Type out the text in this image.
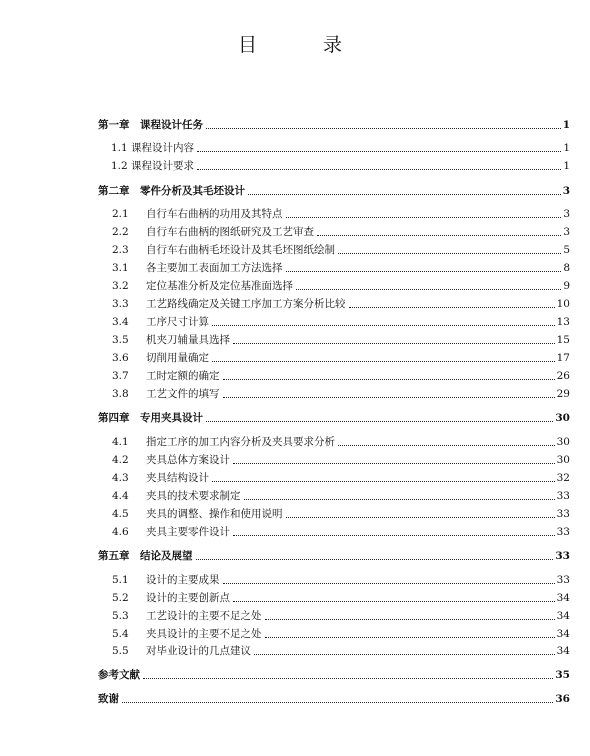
目 录
第一章	课程设计任务	1
1.1 课程设计内容	1
1.2 课程设计要求	1
第二章	零件分析及其毛坯设计	3
2.1	自行车右曲柄的功用及其特点	3
2.2	自行车右曲柄的图纸研究及工艺审查	3
2.3	自行车右曲柄毛坯设计及其毛坯图纸绘制	5
3.1	各主要加工表面加工方法选择	8
3.2	定位基准分析及定位基准面选择	9
3.3	工艺路线确定及关键工序加工方案分析比较	10
3.4	工序尺寸计算	13
3.5	机夹刀辅量具选择	15
3.6	切削用量确定	17
3.7	工时定额的确定	26
3.8	工艺文件的填写	29
第四章	专用夹具设计	30
4.1	指定工序的加工内容分析及夹具要求分析	30
4.2	夹具总体方案设计	30
4.3	夹具结构设计	32
4.4	夹具的技术要求制定	33
4.5	夹具的调整、操作和使用说明	33
4.6	夹具主要零件设计	33
第五章	结论及展望	33
5.1	设计的主要成果	33
5.2	设计的主要创新点	34
5.3	工艺设计的主要不足之处	34
5.4	夹具设计的主要不足之处	34
5.5	对毕业设计的几点建议	34
参考文献	35
致谢	36
